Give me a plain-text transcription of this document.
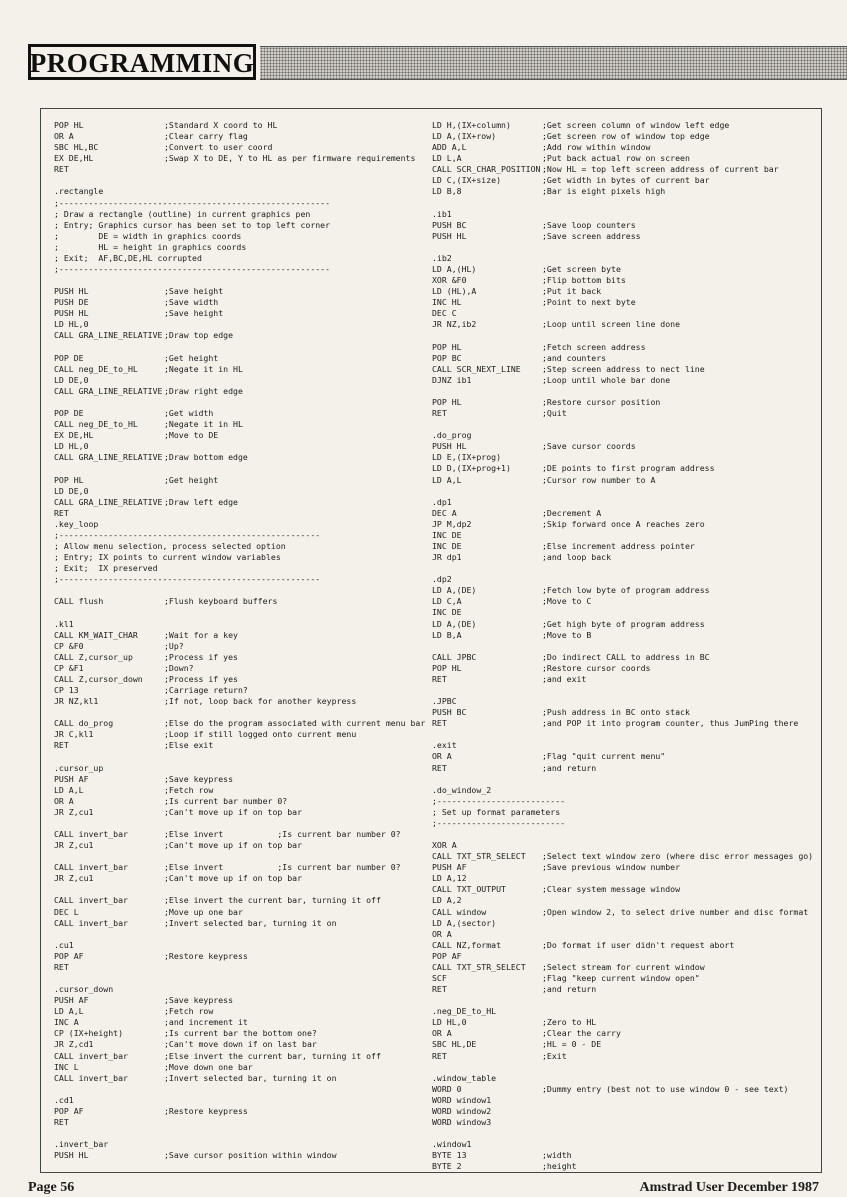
PROGRAMMING
POP HL	;Standard X coord to HL
OR A	;Clear carry flag
SBC HL,BC	;Convert to user coord
EX DE,HL	;Swap X to DE, Y to HL as per firmware requirements
RET
.rectangle
;-------------------------------------------------------
; Draw a rectangle (outline) in current graphics pen
; Entry; Graphics cursor has been set to top left corner
;        DE = width in graphics coords
;        HL = height in graphics coords
; Exit;  AF,BC,DE,HL corrupted
;-------------------------------------------------------
PUSH HL	;Save height
PUSH DE	;Save width
PUSH HL	;Save height
LD HL,0
CALL GRA_LINE_RELATIVE ;Draw top edge
POP DE	;Get height
CALL neg_DE_to_HL	;Negate it in HL
LD DE,0
CALL GRA_LINE_RELATIVE ;Draw right edge
POP DE	;Get width
CALL neg_DE_to_HL	;Negate it in HL
EX DE,HL	;Move to DE
LD HL,0
CALL GRA_LINE_RELATIVE ;Draw bottom edge
POP HL	;Get height
LD DE,0
CALL GRA_LINE_RELATIVE ;Draw left edge
RET
.key_loop
;-----------------------------------------------------
; Allow menu selection, process selected option
; Entry; IX points to current window variables
; Exit;  IX preserved
;-----------------------------------------------------
CALL flush	;Flush keyboard buffers
.kl1
CALL KM_WAIT_CHAR	;Wait for a key
CP &F0	;Up?
CALL Z,cursor_up	;Process if yes
CP &F1	;Down?
CALL Z,cursor_down	;Process if yes
CP 13	;Carriage return?
JR NZ,kl1	;If not, loop back for another keypress
CALL do_prog	;Else do the program associated with current menu bar
JR C,kl1	;Loop if still logged onto current menu
RET	;Else exit
.cursor_up
PUSH AF	;Save keypress
LD A,L	;Fetch row
OR A	;Is current bar number 0?
JR Z,cu1	;Can't move up if on top bar
CALL invert_bar	;Else invert           ;Is current bar number 0?
JR Z,cu1	;Can't move up if on top bar
CALL invert_bar	;Else invert           ;Is current bar number 0?
JR Z,cu1	;Can't move up if on top bar
CALL invert_bar	;Else invert the current bar, turning it off
DEC L	;Move up one bar
CALL invert_bar	;Invert selected bar, turning it on
.cu1
POP AF	;Restore keypress
RET
.cursor_down
PUSH AF	;Save keypress
LD A,L	;Fetch row
INC A	;and increment it
CP (IX+height)	;Is current bar the bottom one?
JR Z,cd1	;Can't move down if on last bar
CALL invert_bar	;Else invert the current bar, turning it off
INC L	;Move down one bar
CALL invert_bar	;Invert selected bar, turning it on
.cd1
POP AF	;Restore keypress
RET
.invert_bar
PUSH HL	;Save cursor position within window
LD H,(IX+column)	;Get screen column of window left edge
LD A,(IX+row)	;Get screen row of window top edge
ADD A,L	;Add row within window
LD L,A	;Put back actual row on screen
CALL SCR_CHAR_POSITION ;Now HL = top left screen address of current bar
LD C,(IX+size)	;Get width in bytes of current bar
LD B,8	;Bar is eight pixels high
.ib1
PUSH BC	;Save loop counters
PUSH HL	;Save screen address
.ib2
LD A,(HL)	;Get screen byte
XOR &F0	;Flip bottom bits
LD (HL),A	;Put it back
INC HL	;Point to next byte
DEC C
JR NZ,ib2	;Loop until screen line done
POP HL	;Fetch screen address
POP BC	;and counters
CALL SCR_NEXT_LINE	;Step screen address to nect line
DJNZ ib1	;Loop until whole bar done
POP HL	;Restore cursor position
RET	;Quit
.do_prog
PUSH HL	;Save cursor coords
LD E,(IX+prog)
LD D,(IX+prog+1)	;DE points to first program address
LD A,L	;Cursor row number to A
.dp1
DEC A	;Decrement A
JP M,dp2	;Skip forward once A reaches zero
INC DE
INC DE	;Else increment address pointer
JR dp1	;and loop back
.dp2
LD A,(DE)	;Fetch low byte of program address
LD C,A	;Move to C
INC DE
LD A,(DE)	;Get high byte of program address
LD B,A	;Move to B
CALL JPBC	;Do indirect CALL to address in BC
POP HL	;Restore cursor coords
RET	;and exit
.JPBC
PUSH BC	;Push address in BC onto stack
RET	;and POP it into program counter, thus JumPing there
.exit
OR A	;Flag "quit current menu"
RET	;and return
.do_window_2
;--------------------------
; Set up format parameters
;--------------------------
XOR A
CALL TXT_STR_SELECT ;Select text window zero (where disc error messages go)
PUSH AF	;Save previous window number
LD A,12
CALL TXT_OUTPUT	;Clear system message window
LD A,2
CALL window	;Open window 2, to select drive number and disc format
LD A,(sector)
OR A
CALL NZ,format	;Do format if user didn't request abort
POP AF
CALL TXT_STR_SELECT ;Select stream for current window
SCF	;Flag "keep current window open"
RET	;and return
.neg_DE_to_HL
LD HL,0	;Zero to HL
OR A	;Clear the carry
SBC HL,DE	;HL = 0 - DE
RET	;Exit
.window_table
WORD 0	;Dummy entry (best not to use window 0 - see text)
WORD window1
WORD window2
WORD window3
.window1
BYTE 13	;width
BYTE 2	;height
Page 56	Amstrad User December 1987
